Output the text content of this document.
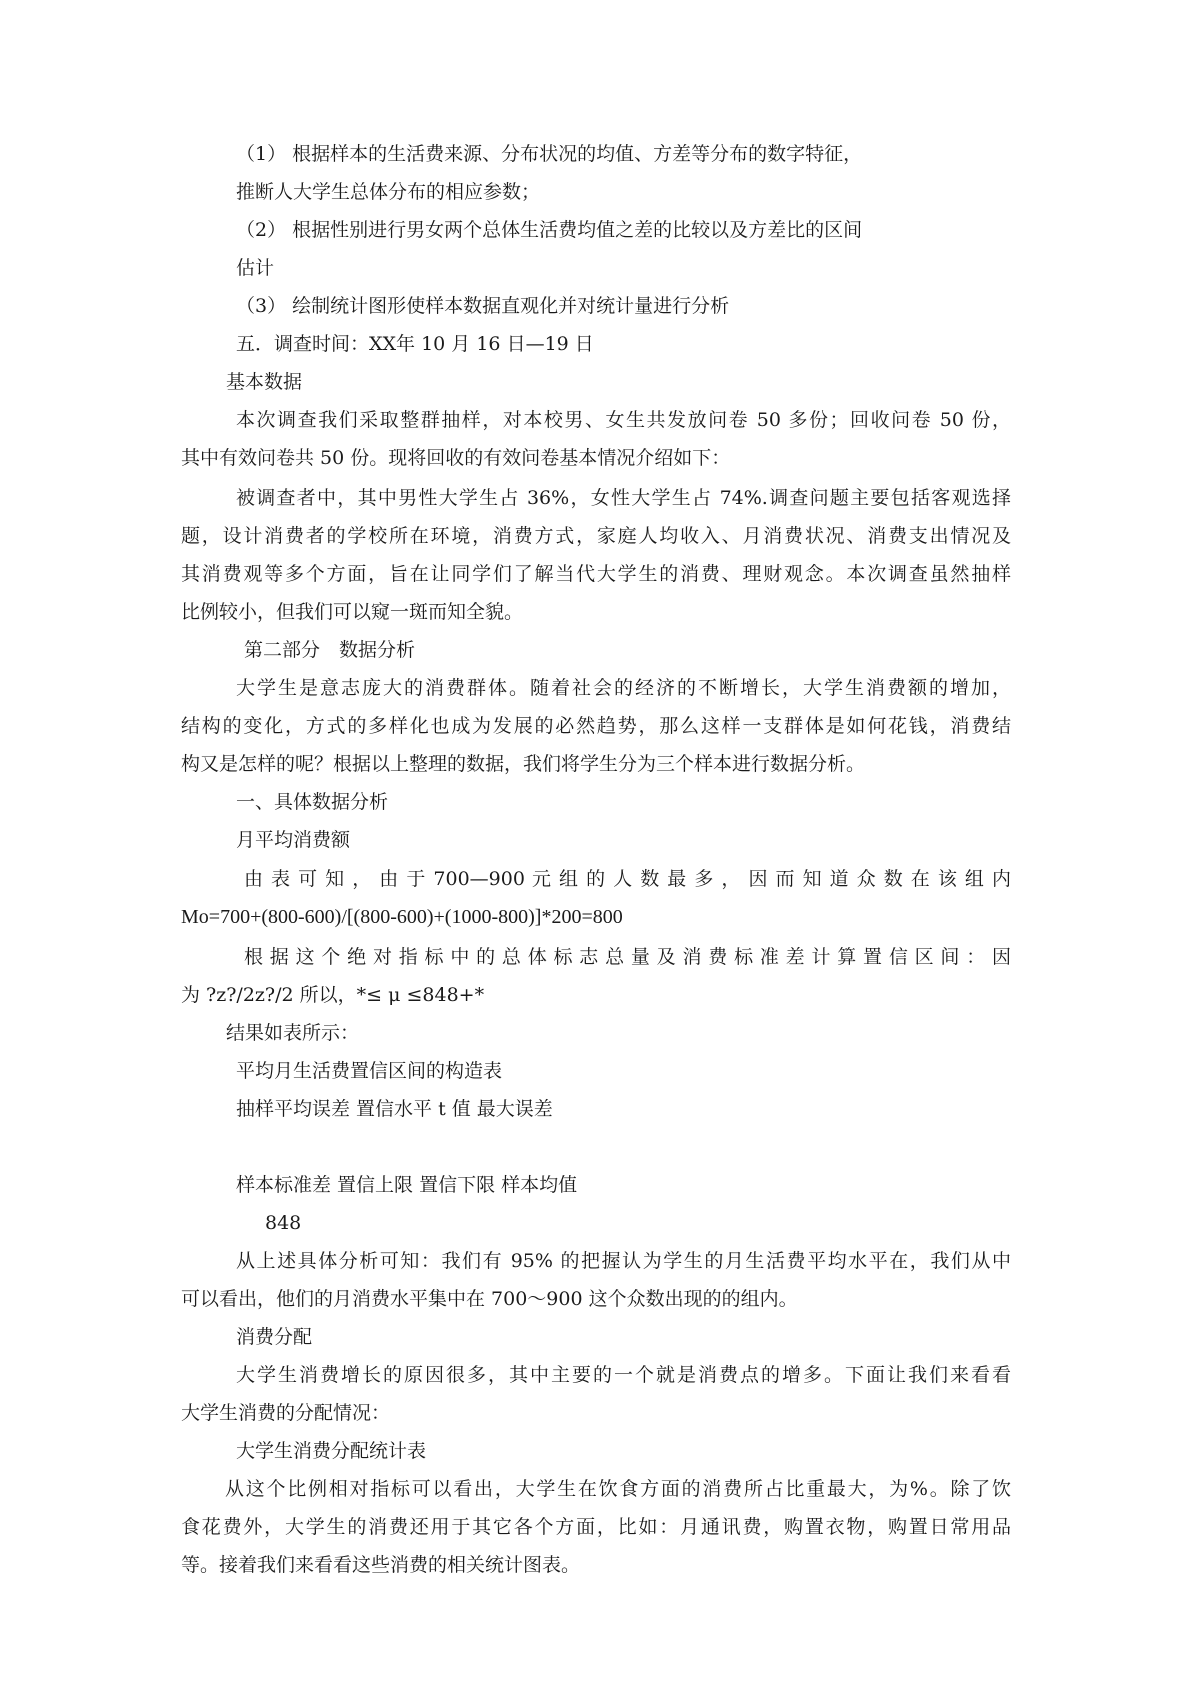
（1） 根据样本的生活费来源、分布状况的均值、方差等分布的数字特征，
推断人大学生总体分布的相应参数；
（2） 根据性别进行男女两个总体生活费均值之差的比较以及方差比的区间
估计
（3） 绘制统计图形使样本数据直观化并对统计量进行分析
五．调查时间：XX年 10 月 16 日—19 日
基本数据
本次调查我们采取整群抽样，对本校男、女生共发放问卷 50 多份；回收问卷 50 份，
其中有效问卷共 50 份。现将回收的有效问卷基本情况介绍如下：
被调查者中，其中男性大学生占 36%，女性大学生占 74%.调查问题主要包括客观选择
题，设计消费者的学校所在环境，消费方式，家庭人均收入、月消费状况、消费支出情况及
其消费观等多个方面，旨在让同学们了解当代大学生的消费、理财观念。本次调查虽然抽样
比例较小，但我们可以窥一斑而知全貌。
第二部分　数据分析
大学生是意志庞大的消费群体。随着社会的经济的不断增长，大学生消费额的增加，
结构的变化，方式的多样化也成为发展的必然趋势，那么这样一支群体是如何花钱，消费结
构又是怎样的呢？根据以上整理的数据，我们将学生分为三个样本进行数据分析。
一、具体数据分析
月平均消费额
由 表 可 知 ， 由 于 700—900 元 组 的 人 数 最 多 ， 因 而 知 道 众 数 在 该 组 内
Mo=700+(800-600)/[(800-600)+(1000-800)]*200=800
根 据 这 个 绝 对 指 标 中 的 总 体 标 志 总 量 及 消 费 标 准 差 计 算 置 信 区 间 ： 因
为 ?z?/2z?/2 所以，*≤ μ ≤848+*
结果如表所示：
平均月生活费置信区间的构造表
抽样平均误差 置信水平 t 值 最大误差
样本标准差 置信上限 置信下限 样本均值
848
从上述具体分析可知：我们有 95% 的把握认为学生的月生活费平均水平在，我们从中
可以看出，他们的月消费水平集中在 700～900 这个众数出现的的组内。
消费分配
大学生消费增长的原因很多，其中主要的一个就是消费点的增多。下面让我们来看看
大学生消费的分配情况：
大学生消费分配统计表
从这个比例相对指标可以看出，大学生在饮食方面的消费所占比重最大，为%。除了饮
食花费外，大学生的消费还用于其它各个方面，比如：月通讯费，购置衣物，购置日常用品
等。接着我们来看看这些消费的相关统计图表。
